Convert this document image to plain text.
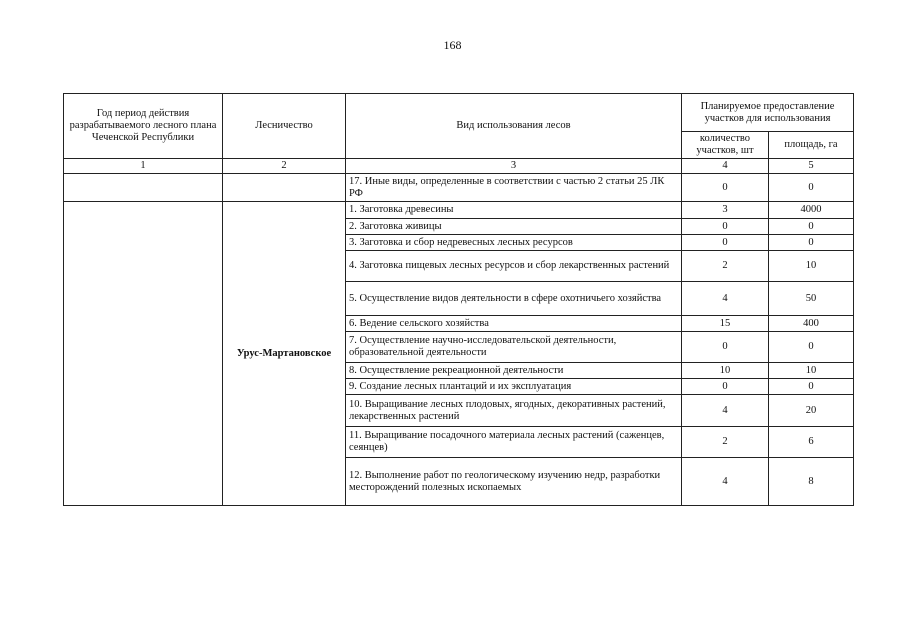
168
Год период действия разрабатываемого лесного плана Чеченской Республики	Лесничество	Вид использования лесов	Планируемое предоставление участков для использования	
			количество участков, шт	площадь, га
1	2	3	4	5
		17. Иные виды, определенные в соответствии с частью 2 статьи 25 ЛК РФ	0	0
	Урус-Мартановское	1. Заготовка древесины	3	4000
		2. Заготовка живицы	0	0
		3. Заготовка и сбор недревесных лесных ресурсов	0	0
		4. Заготовка пищевых лесных ресурсов и сбор лекарственных растений	2	10
		5. Осуществление видов деятельности в сфере охотничьего хозяйства	4	50
		6. Ведение сельского хозяйства	15	400
		7. Осуществление научно-исследовательской деятельности, образовательной деятельности	0	0
		8. Осуществление рекреационной деятельности	10	10
		9. Создание лесных плантаций и их эксплуатация	0	0
		10. Выращивание лесных плодовых, ягодных, декоративных растений, лекарственных растений	4	20
		11. Выращивание посадочного материала лесных растений (саженцев, сеянцев)	2	6
		12. Выполнение работ по геологическому изучению недр, разработки месторождений полезных ископаемых	4	8
